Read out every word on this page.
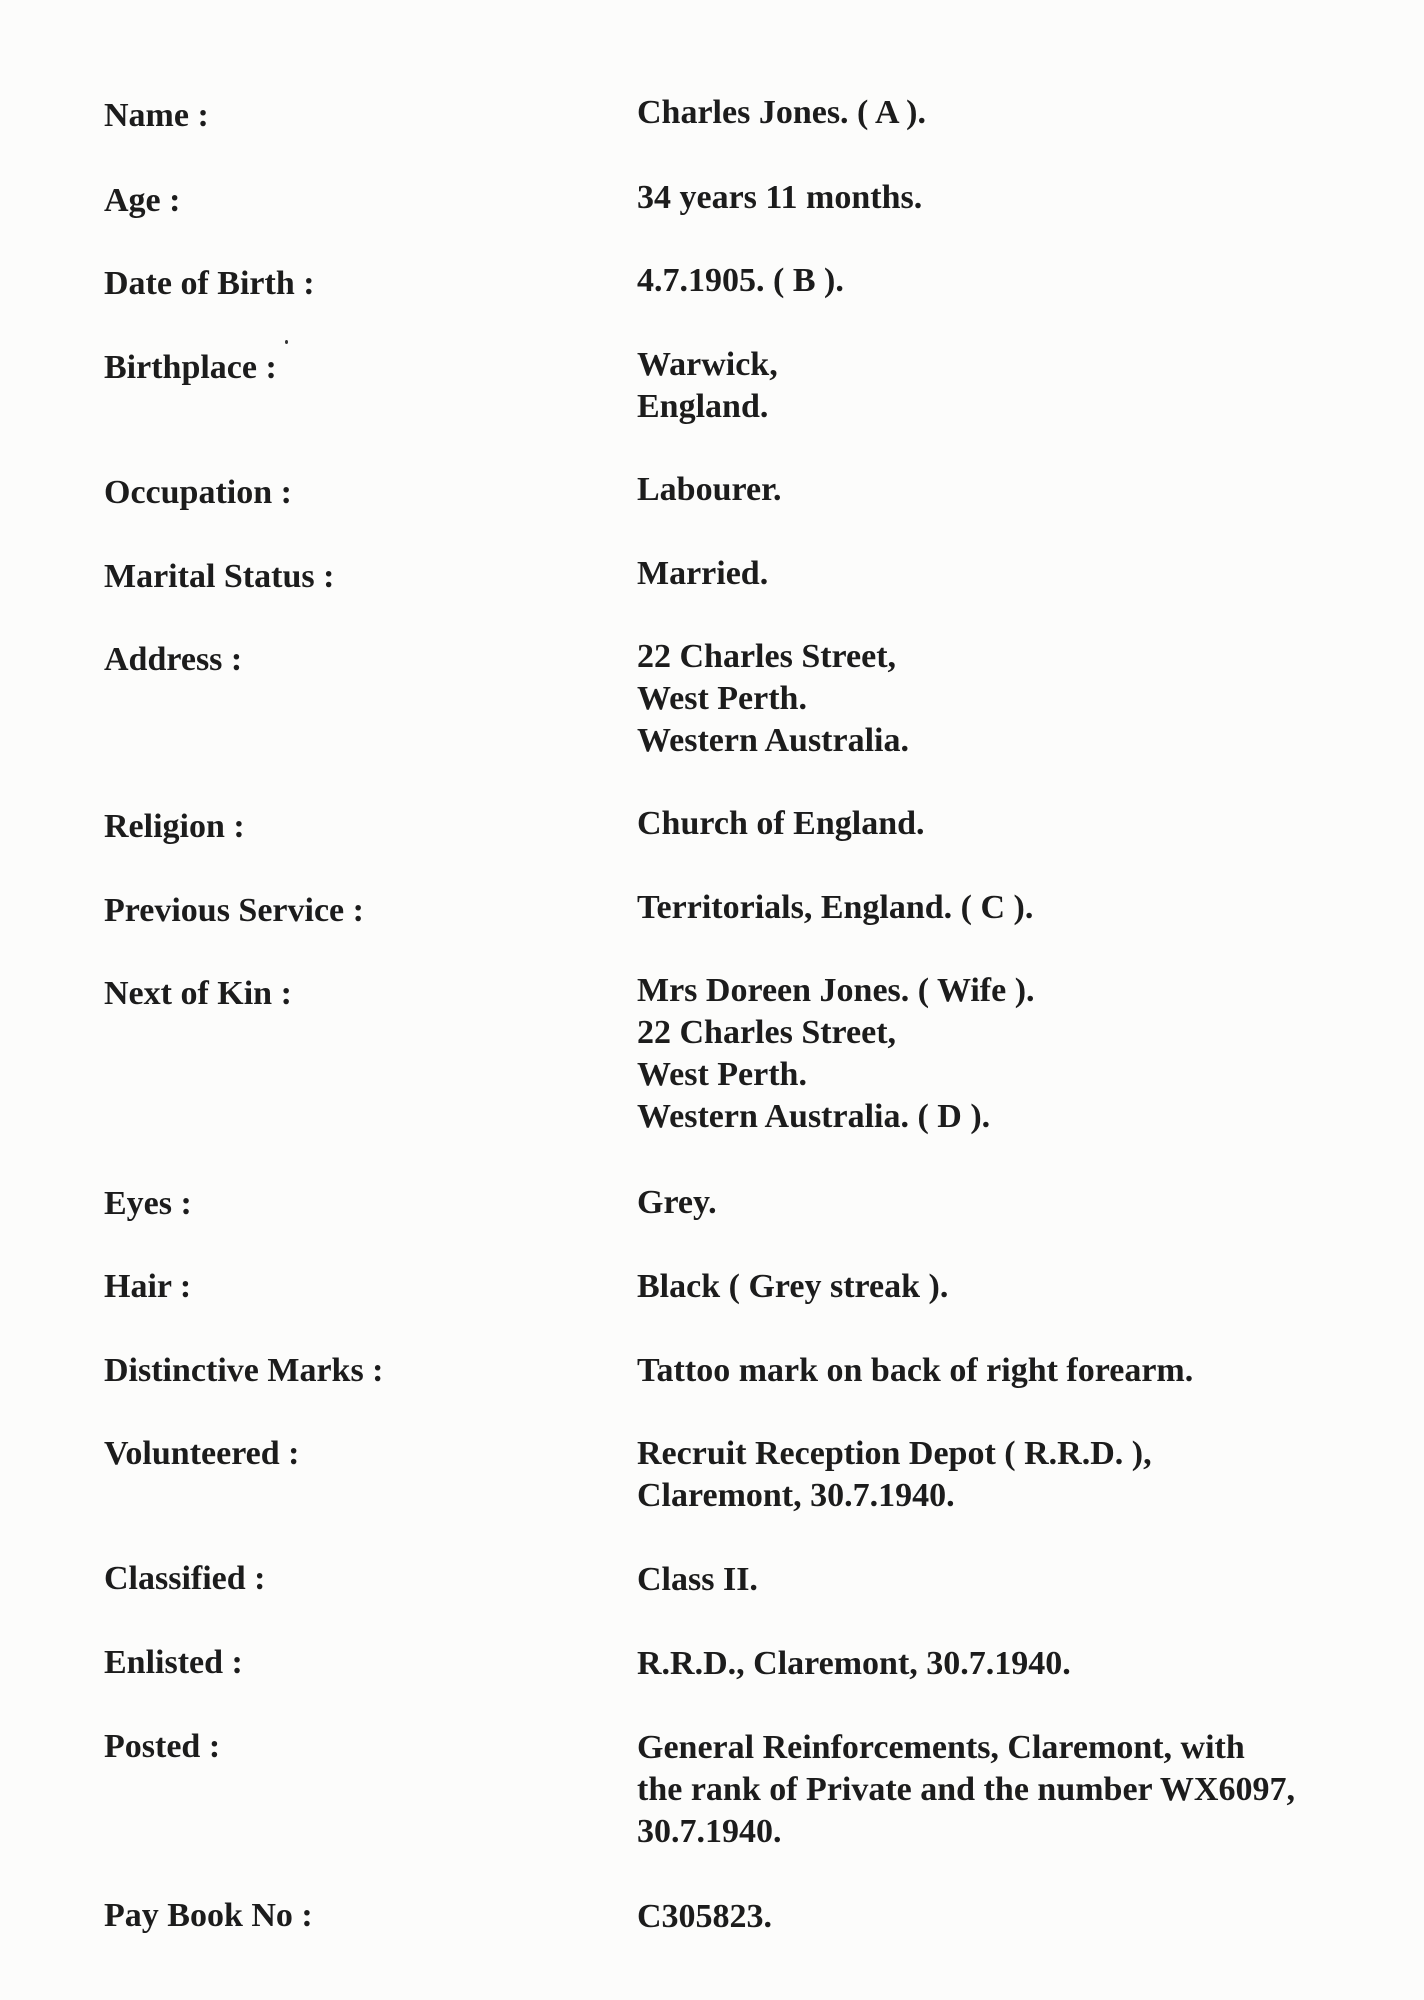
Name :	Charles Jones. ( A ).
Age :	34 years 11 months.
Date of Birth :	4.7.1905. ( B ).
Birthplace :	Warwick,
England.
Occupation :	Labourer.
Marital Status :	Married.
Address :	22 Charles Street,
West Perth.
Western Australia.
Religion :	Church of England.
Previous Service :	Territorials, England. ( C ).
Next of Kin :	Mrs Doreen Jones. ( Wife ).
22 Charles Street,
West Perth.
Western Australia. ( D ).
Eyes :	Grey.
Hair :	Black ( Grey streak ).
Distinctive Marks :	Tattoo mark on back of right forearm.
Volunteered :	Recruit Reception Depot ( R.R.D. ),
Claremont, 30.7.1940.
Classified :	Class II.
Enlisted :	R.R.D., Claremont, 30.7.1940.
Posted :	General Reinforcements, Claremont, with
the rank of Private and the number WX6097,
30.7.1940.
Pay Book No :	C305823.
